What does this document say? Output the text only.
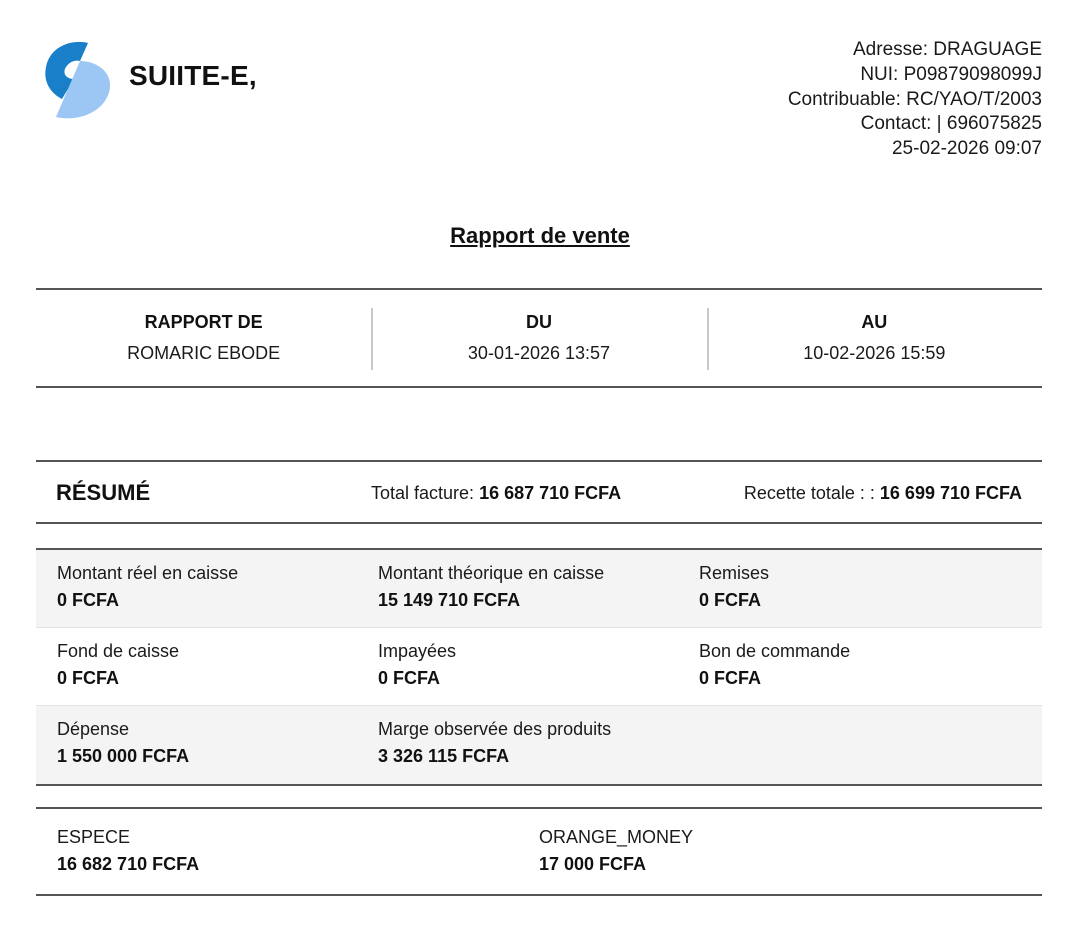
SUIITE-E,
Adresse: DRAGUAGE
NUI: P09879098099J
Contribuable: RC/YAO/T/2003
Contact: | 696075825
25-02-2026 09:07
Rapport de vente
RAPPORT DE
ROMARIC EBODE
DU
30-01-2026 13:57
AU
10-02-2026 15:59
RÉSUMÉ	Total facture: 16 687 710 FCFA	Recette totale : : 16 699 710 FCFA
Montant réel en caisse
0 FCFA
Montant théorique en caisse
15 149 710 FCFA
Remises
0 FCFA
Fond de caisse
0 FCFA
Impayées
0 FCFA
Bon de commande
0 FCFA
Dépense
1 550 000 FCFA
Marge observée des produits
3 326 115 FCFA
ESPECE
16 682 710 FCFA
ORANGE_MONEY
17 000 FCFA
